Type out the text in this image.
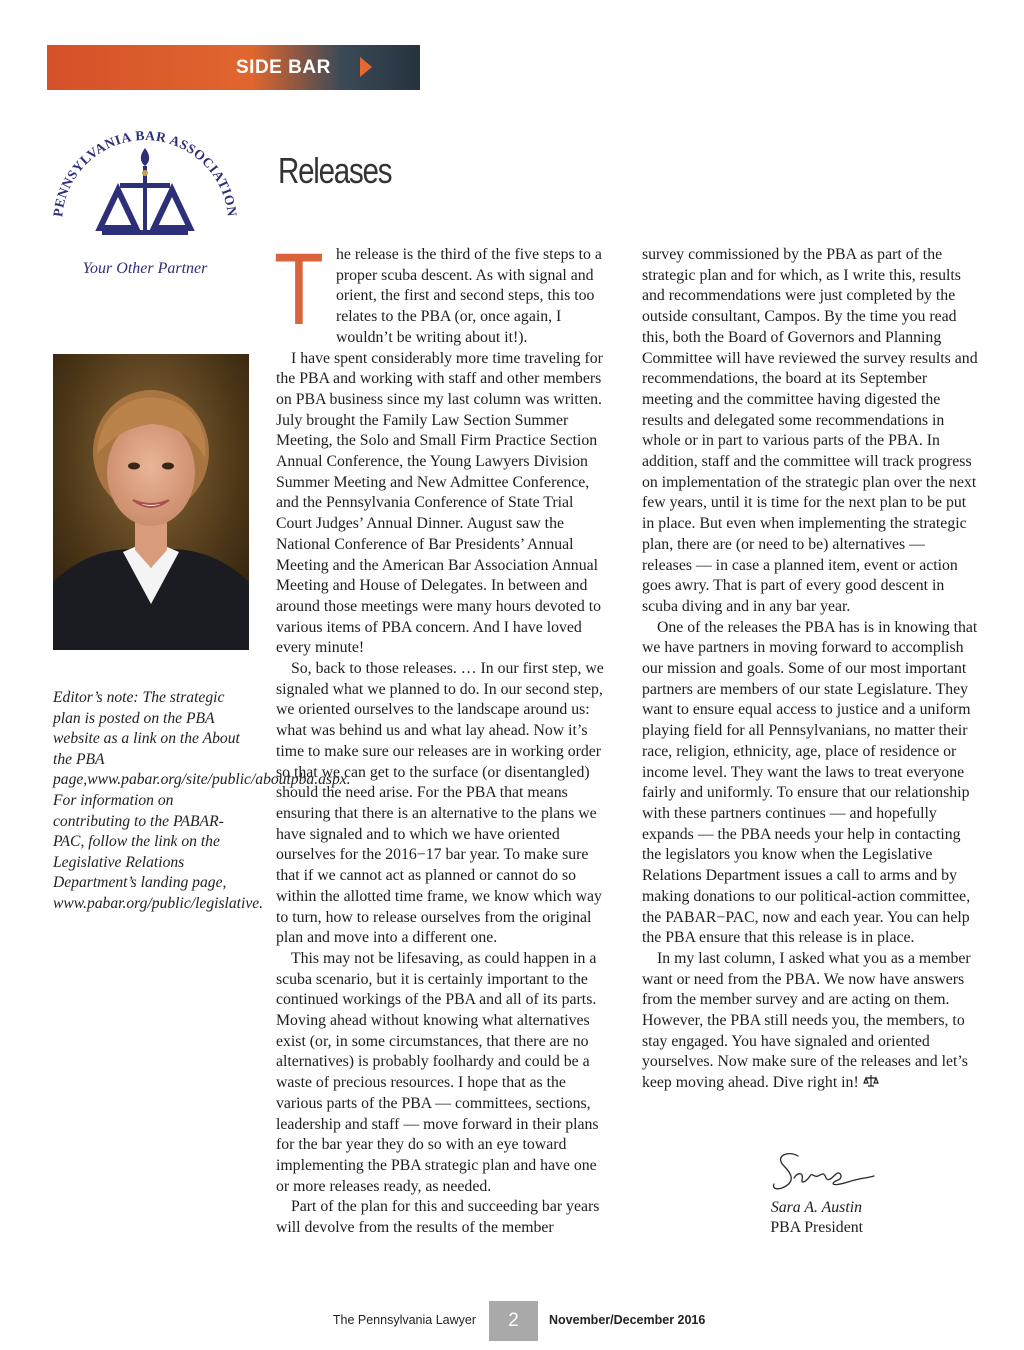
SIDE BAR
PENNSYLVANIA BAR ASSOCIATION
Your Other Partner
Editor’s note: The strategic plan is posted on the PBA website as a link on the About the PBA page,www.pabar.org/site/public/aboutpba.aspx. For information on contributing to the PABAR-PAC, follow the link on the Legislative Relations Department’s landing page, www.pabar.org/public/legislative.
Releases

The release is the third of the five steps to a proper scuba descent. As with signal and orient, the first and second steps, this too relates to the PBA (or, once again, I wouldn’t be writing about it!).

I have spent considerably more time traveling for the PBA and working with staff and other members on PBA business since my last column was written. July brought the Family Law Section Summer Meeting, the Solo and Small Firm Practice Section Annual Conference, the Young Lawyers Division Summer Meeting and New Admittee Conference, and the Pennsylvania Conference of State Trial Court Judges’ Annual Dinner. August saw the National Conference of Bar Presidents’ Annual Meeting and the American Bar Association Annual Meeting and House of Delegates. In between and around those meetings were many hours devoted to various items of PBA concern. And I have loved every minute!

So, back to those releases. … In our first step, we signaled what we planned to do. In our second step, we oriented ourselves to the landscape around us: what was behind us and what lay ahead. Now it’s time to make sure our releases are in working order so that we can get to the surface (or disentangled) should the need arise. For the PBA that means ensuring that there is an alternative to the plans we have signaled and to which we have oriented ourselves for the 2016−17 bar year. To make sure that if we cannot act as planned or cannot do so within the allotted time frame, we know which way to turn, how to release ourselves from the original plan and move into a different one.

This may not be lifesaving, as could happen in a scuba scenario, but it is certainly important to the continued workings of the PBA and all of its parts. Moving ahead without knowing what alternatives exist (or, in some circumstances, that there are no alternatives) is probably foolhardy and could be a waste of precious resources. I hope that as the various parts of the PBA — committees, sections, leadership and staff — move forward in their plans for the bar year they do so with an eye toward implementing the PBA strategic plan and have one or more releases ready, as needed.

Part of the plan for this and succeeding bar years will devolve from the results of the member

survey commissioned by the PBA as part of the strategic plan and for which, as I write this, results and recommendations were just completed by the outside consultant, Campos. By the time you read this, both the Board of Governors and Planning Committee will have reviewed the survey results and recommendations, the board at its September meeting and the committee having digested the results and delegated some recommendations in whole or in part to various parts of the PBA. In addition, staff and the committee will track progress on implementation of the strategic plan over the next few years, until it is time for the next plan to be put in place. But even when implementing the strategic plan, there are (or need to be) alternatives — releases — in case a planned item, event or action goes awry. That is part of every good descent in scuba diving and in any bar year.

One of the releases the PBA has is in knowing that we have partners in moving forward to accomplish our mission and goals. Some of our most important partners are members of our state Legislature. They want to ensure equal access to justice and a uniform playing field for all Pennsylvanians, no matter their race, religion, ethnicity, age, place of residence or income level. They want the laws to treat everyone fairly and uniformly. To ensure that our relationship with these partners continues — and hopefully expands — the PBA needs your help in contacting the legislators you know when the Legislative Relations Department issues a call to arms and by making donations to our political-action committee, the PABAR−PAC, now and each year. You can help the PBA ensure that this release is in place.

In my last column, I asked what you as a member want or need from the PBA. We now have answers from the member survey and are acting on them. However, the PBA still needs you, the members, to stay engaged. You have signaled and oriented yourselves. Now make sure of the releases and let’s keep moving ahead. Dive right in!

Sara A. Austin
PBA President
The Pennsylvania Lawyer	2	November/December 2016
